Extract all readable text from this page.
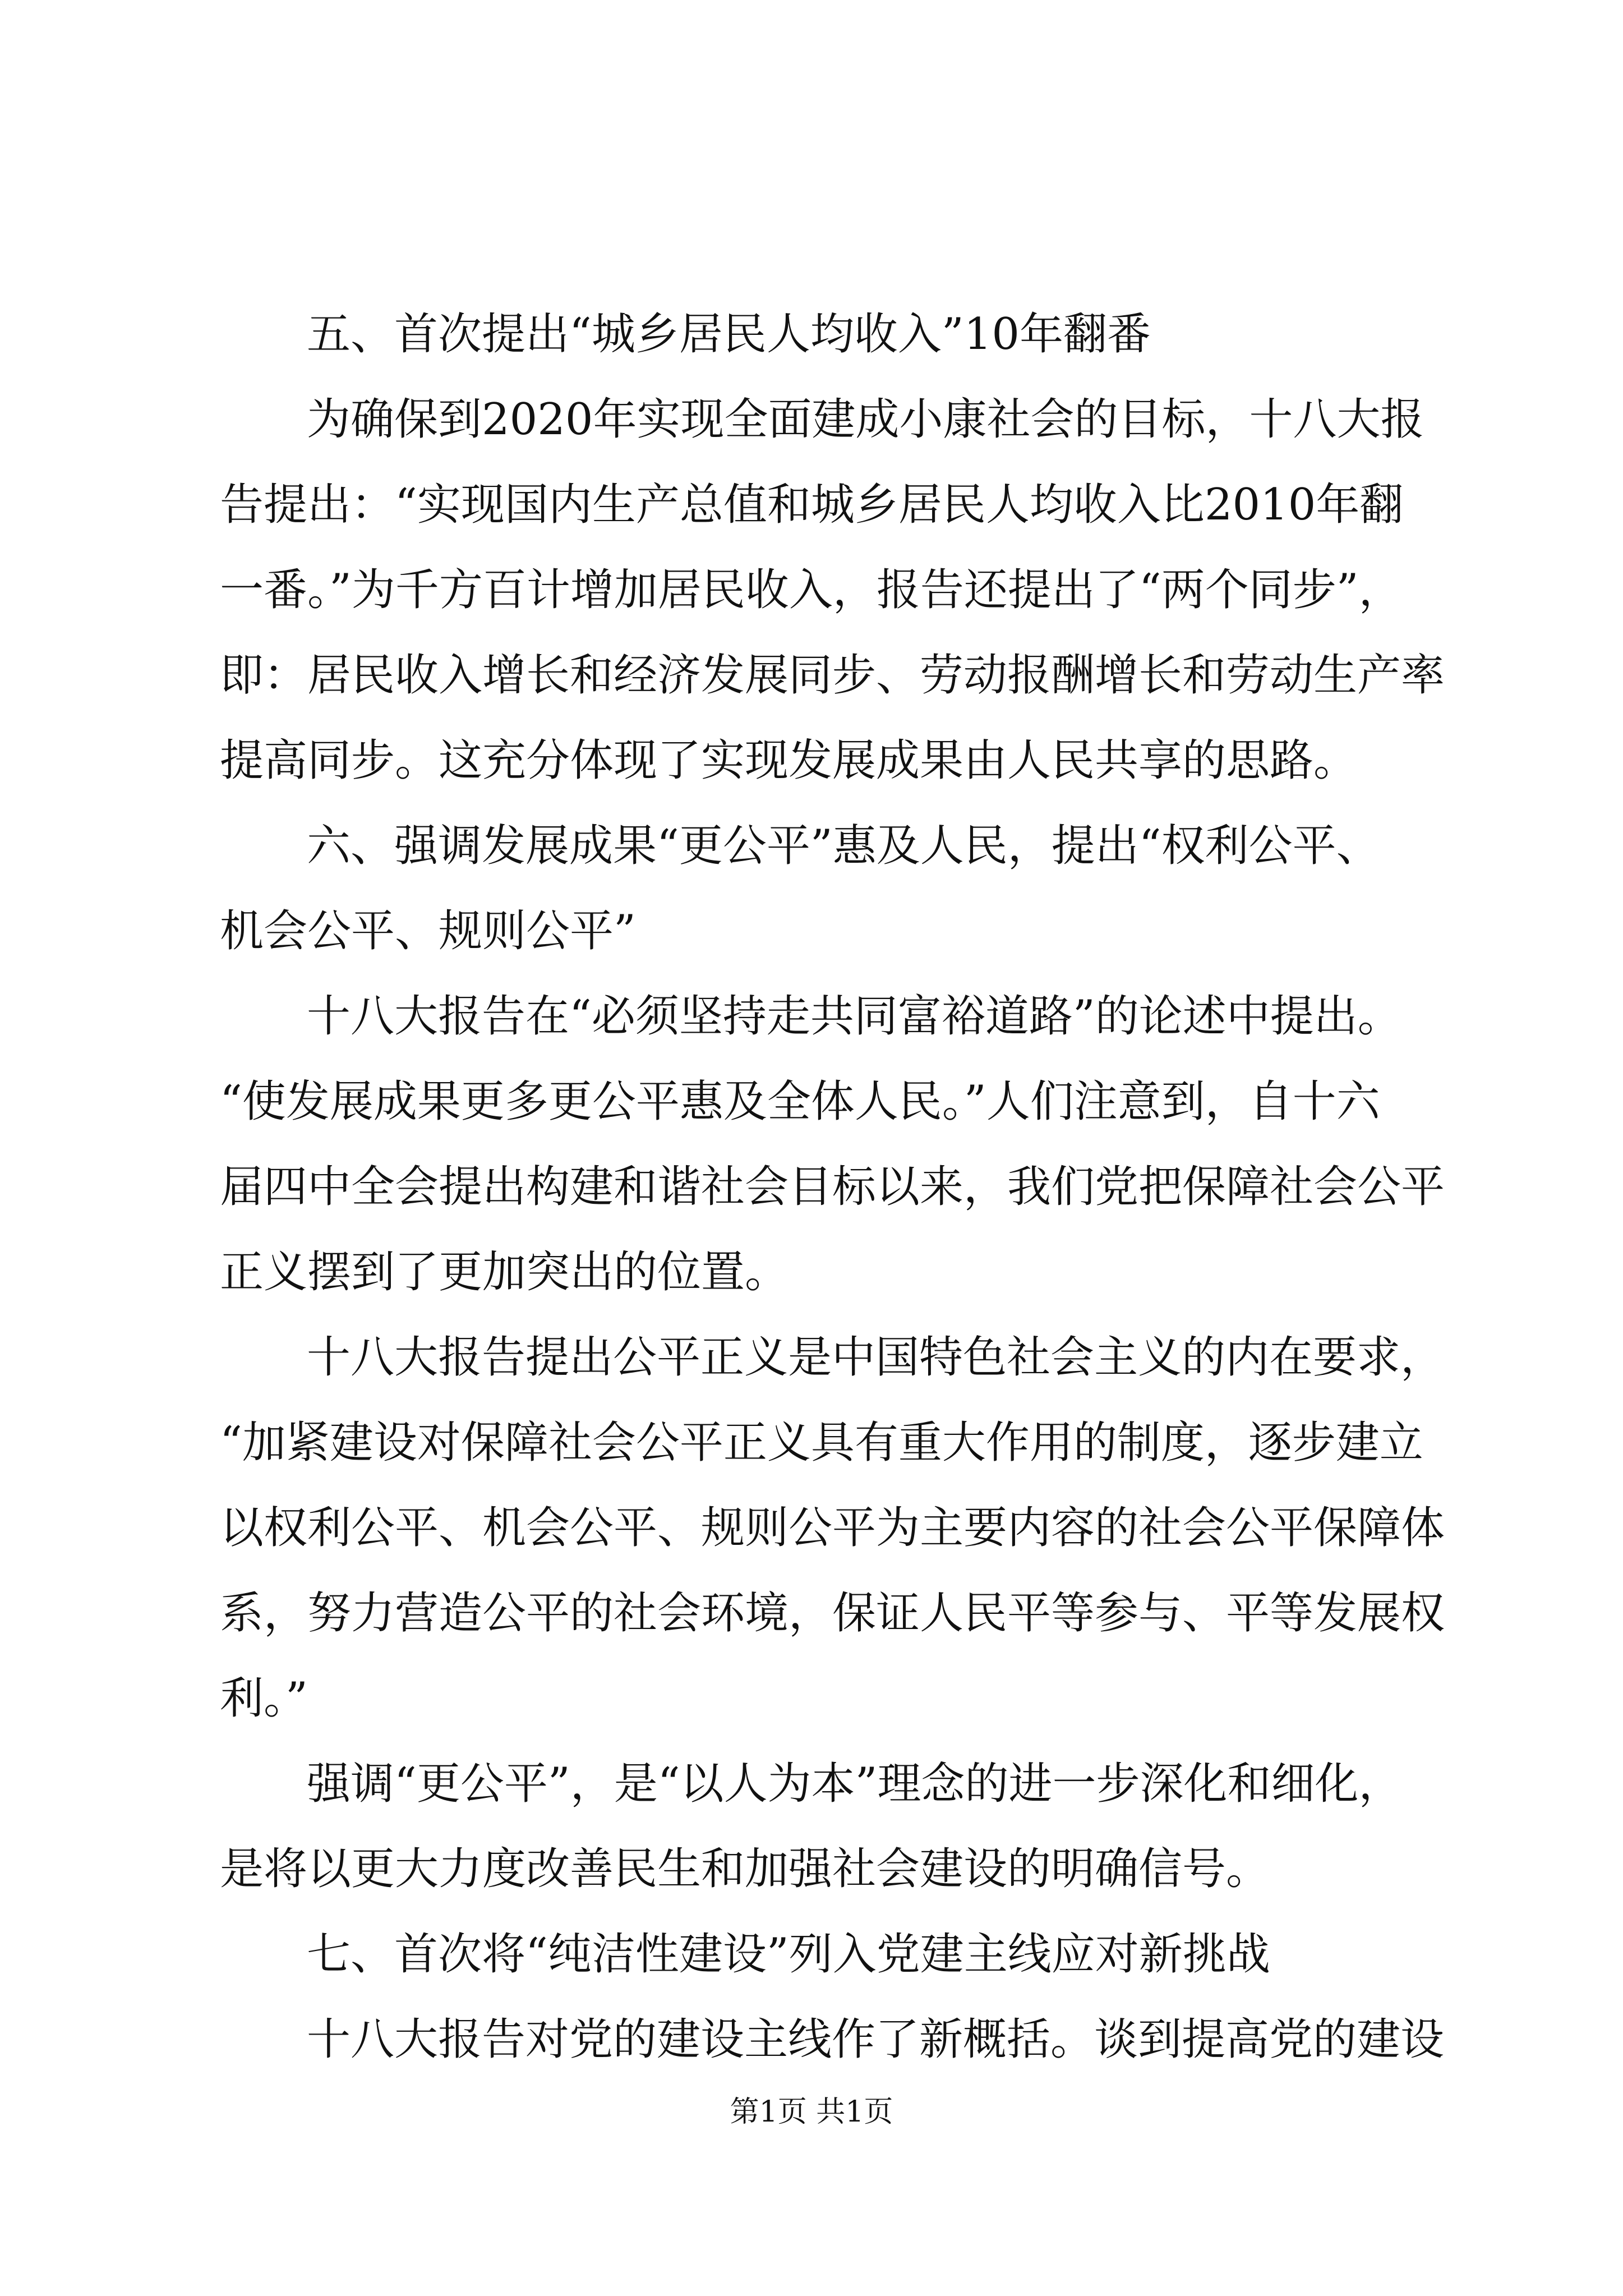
五、首次提出“城乡居民人均收入”10年翻番
为确保到2020年实现全面建成小康社会的目标，十八大报
告提出：“实现国内生产总值和城乡居民人均收入比2010年翻
一番。”为千方百计增加居民收入，报告还提出了“两个同步”，
即：居民收入增长和经济发展同步、劳动报酬增长和劳动生产率
提高同步。这充分体现了实现发展成果由人民共享的思路。
六、强调发展成果“更公平”惠及人民，提出“权利公平、
机会公平、规则公平”
十八大报告在“必须坚持走共同富裕道路”的论述中提出。
“使发展成果更多更公平惠及全体人民。”人们注意到，自十六
届四中全会提出构建和谐社会目标以来，我们党把保障社会公平
正义摆到了更加突出的位置。
十八大报告提出公平正义是中国特色社会主义的内在要求，
“加紧建设对保障社会公平正义具有重大作用的制度，逐步建立
以权利公平、机会公平、规则公平为主要内容的社会公平保障体
系，努力营造公平的社会环境，保证人民平等参与、平等发展权
利。”
强调“更公平”，是“以人为本”理念的进一步深化和细化，
是将以更大力度改善民生和加强社会建设的明确信号。
七、首次将“纯洁性建设”列入党建主线应对新挑战
十八大报告对党的建设主线作了新概括。谈到提高党的建设
第1页 共1页
